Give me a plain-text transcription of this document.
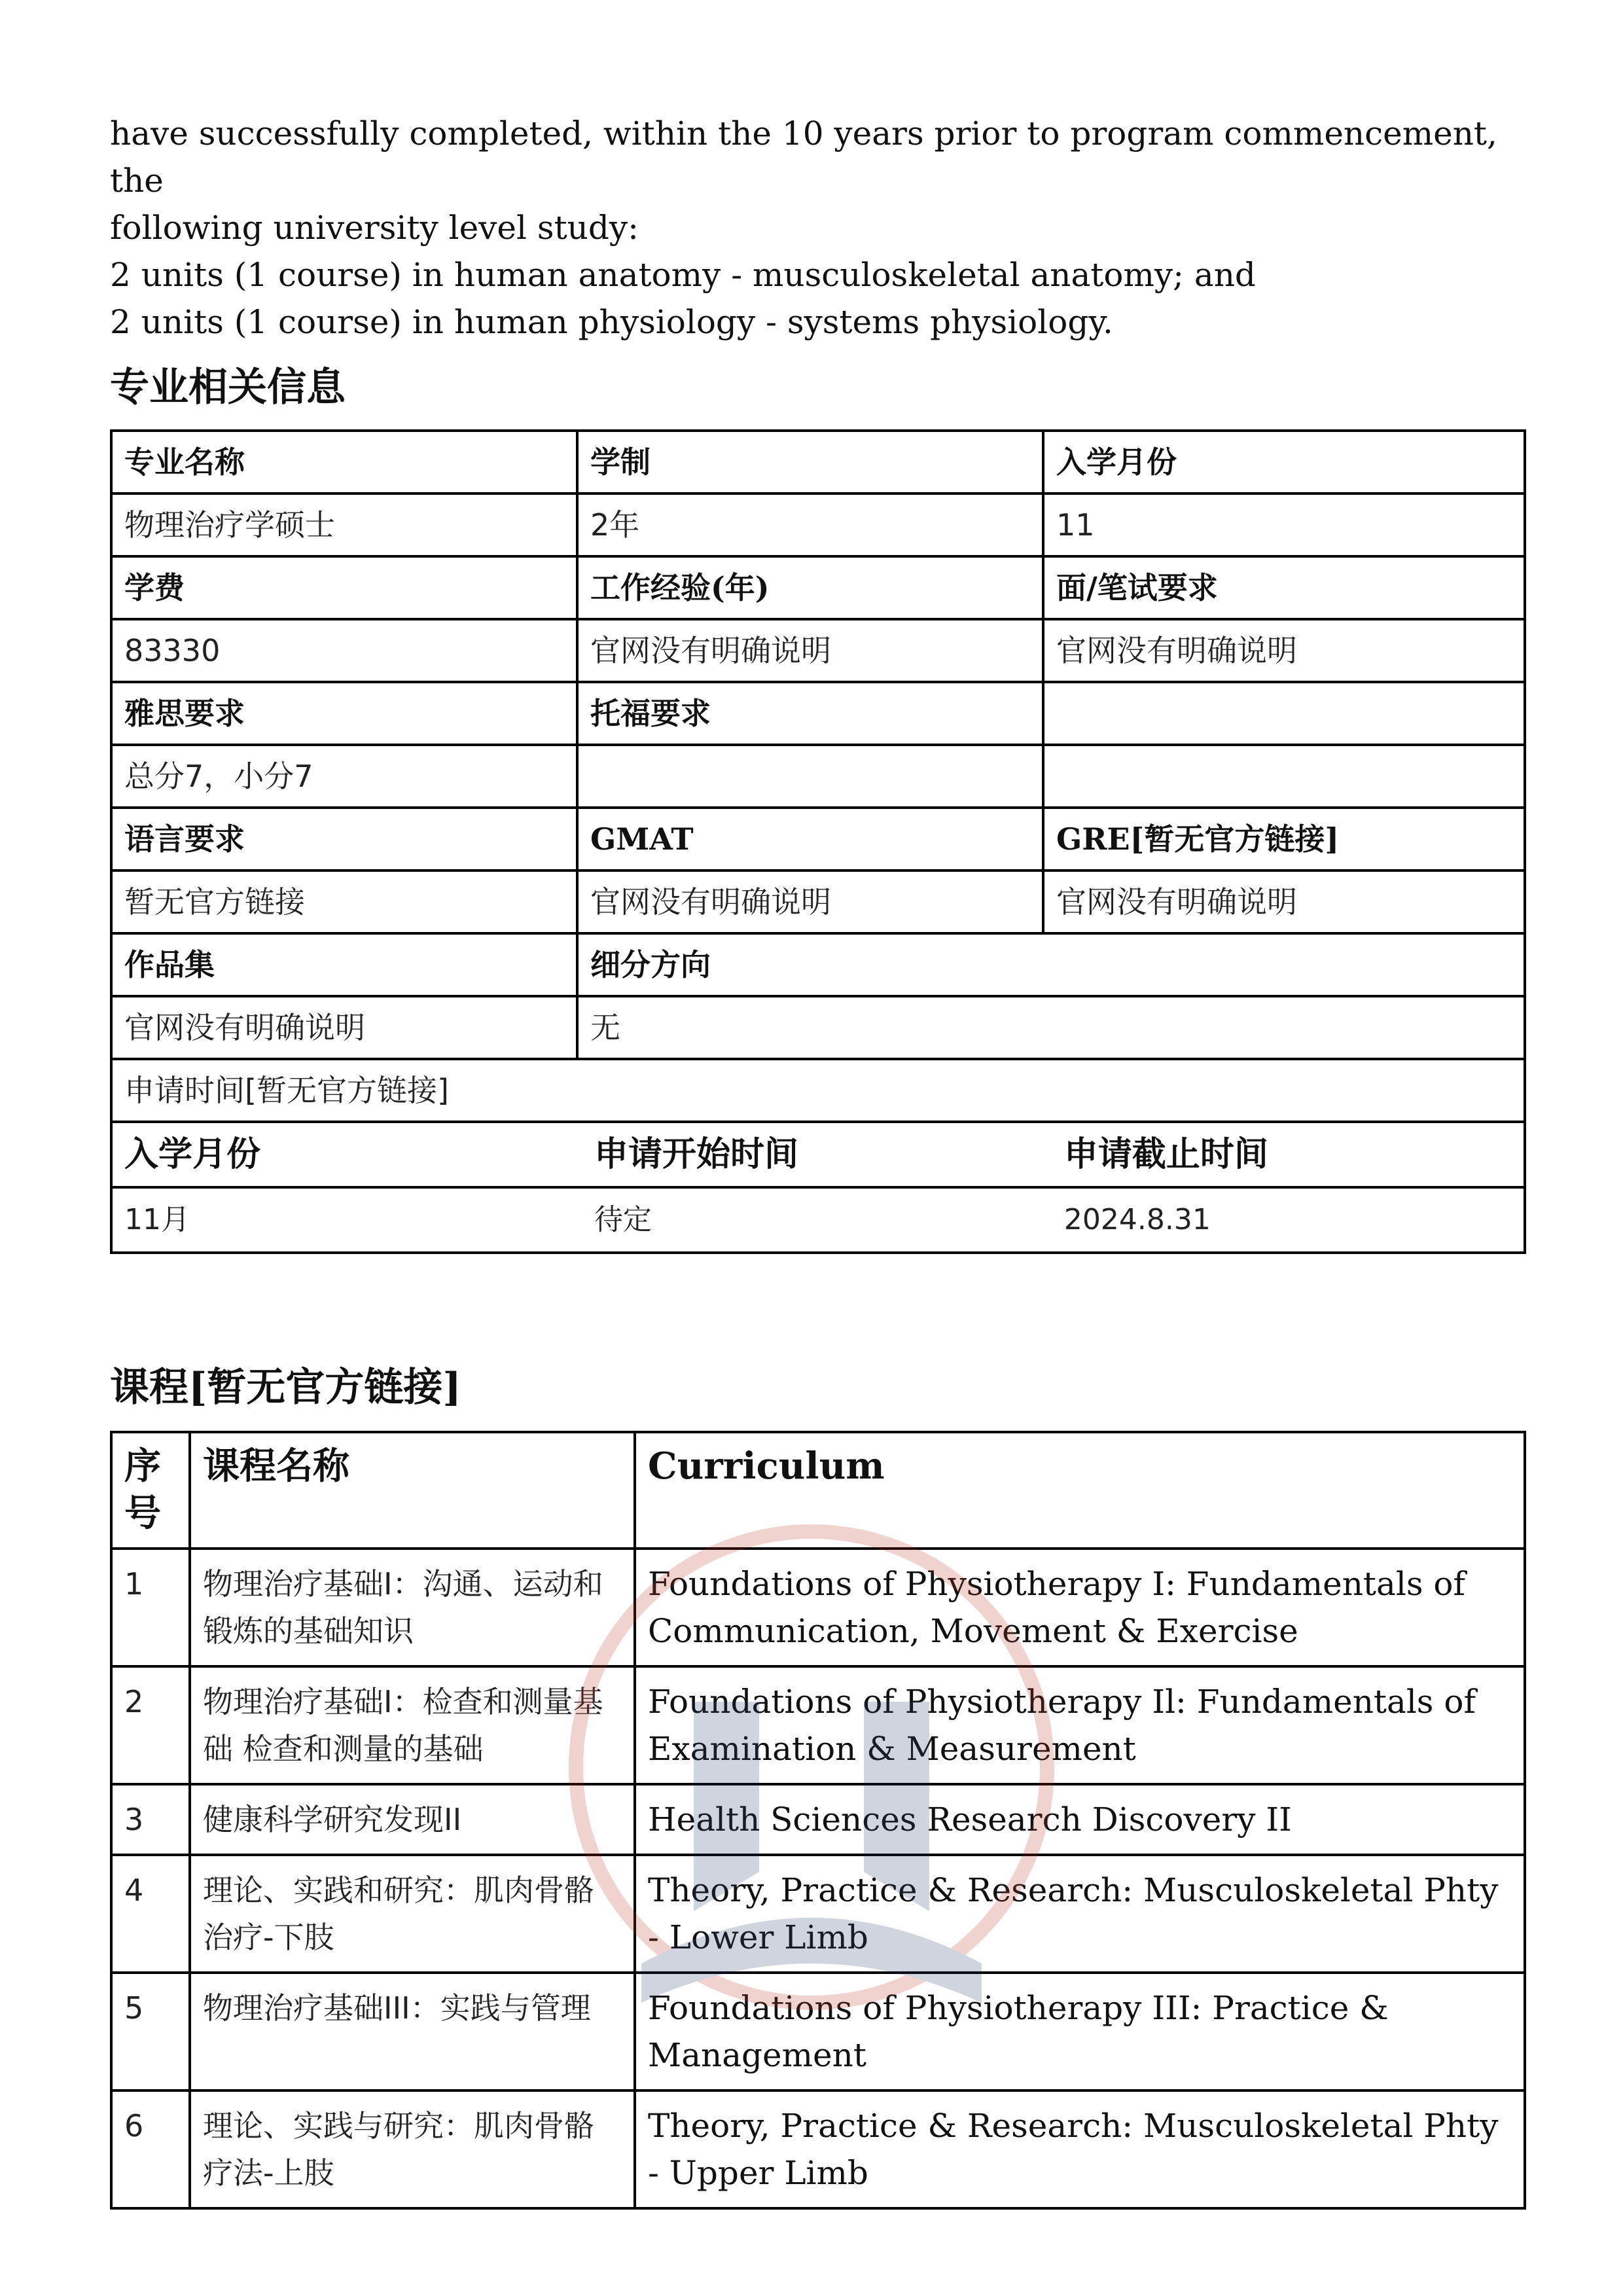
have successfully completed, within the 10 years prior to program commencement, the

following university level study:

2 units (1 course) in human anatomy - musculoskeletal anatomy; and

2 units (1 course) in human physiology - systems physiology.

专业相关信息
专业名称	学制	入学月份
物理治疗学硕士	2年	11
学费	工作经验(年)	面/笔试要求
83330	官网没有明确说明	官网没有明确说明
雅思要求	托福要求	
总分7，小分7		
语言要求	GMAT	GRE[暂无官方链接]
暂无官方链接	官网没有明确说明	官网没有明确说明
作品集	细分方向
官网没有明确说明	无
申请时间[暂无官方链接]

入学月份	申请开始时间	申请截止时间
11月	待定	2024.8.31
课程[暂无官方链接]
序号	课程名称	Curriculum
1	物理治疗基础I：沟通、运动和锻炼的基础知识	Foundations of Physiotherapy I: Fundamentals of Communication, Movement & Exercise
2	物理治疗基础I：检查和测量基础 检查和测量的基础	Foundations of Physiotherapy Il: Fundamentals of Examination & Measurement
3	健康科学研究发现II	Health Sciences Research Discovery II
4	理论、实践和研究：肌肉骨骼治疗-下肢	Theory, Practice & Research: Musculoskeletal Phty - Lower Limb
5	物理治疗基础III：实践与管理	Foundations of Physiotherapy III: Practice & Management
6	理论、实践与研究：肌肉骨骼疗法-上肢	Theory, Practice & Research: Musculoskeletal Phty - Upper Limb
